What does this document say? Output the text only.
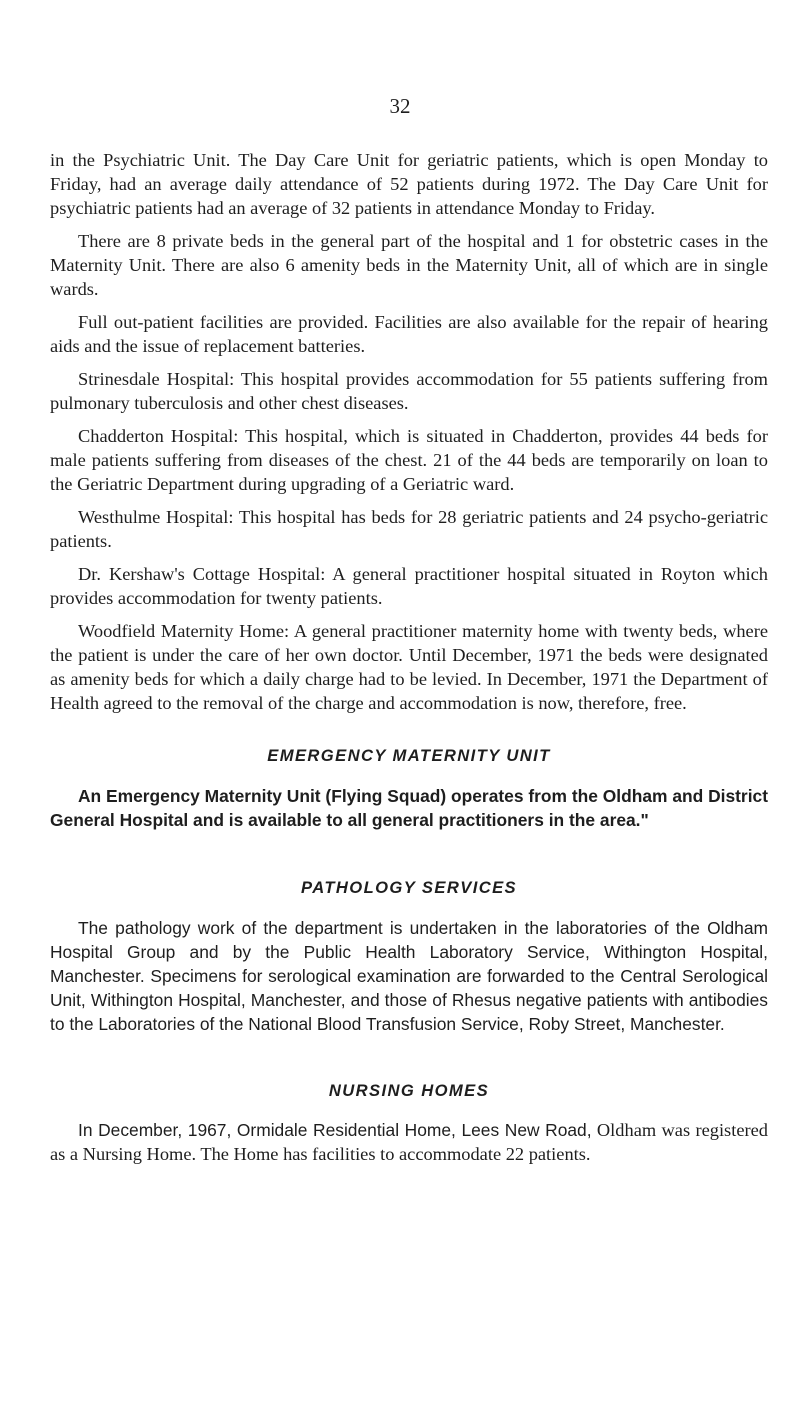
32

in the Psychiatric Unit. The Day Care Unit for geriatric patients, which is open Monday to Friday, had an average daily attendance of 52 patients during 1972. The Day Care Unit for psychiatric patients had an average of 32 patients in attendance Monday to Friday.

There are 8 private beds in the general part of the hospital and 1 for obstetric cases in the Maternity Unit. There are also 6 amenity beds in the Maternity Unit, all of which are in single wards.

Full out-patient facilities are provided. Facilities are also available for the repair of hearing aids and the issue of replacement batteries.

Strinesdale Hospital: This hospital provides accommodation for 55 patients suffering from pulmonary tuberculosis and other chest diseases.

Chadderton Hospital: This hospital, which is situated in Chadderton, provides 44 beds for male patients suffering from diseases of the chest. 21 of the 44 beds are temporarily on loan to the Geriatric Department during upgrading of a Geriatric ward.

Westhulme Hospital: This hospital has beds for 28 geriatric patients and 24 psycho-geriatric patients.

Dr. Kershaw's Cottage Hospital: A general practitioner hospital situated in Royton which provides accommodation for twenty patients.

Woodfield Maternity Home: A general practitioner maternity home with twenty beds, where the patient is under the care of her own doctor. Until December, 1971 the beds were designated as amenity beds for which a daily charge had to be levied. In December, 1971 the Department of Health agreed to the removal of the charge and accommodation is now, therefore, free.

EMERGENCY MATERNITY UNIT

An Emergency Maternity Unit (Flying Squad) operates from the Oldham and District General Hospital and is available to all general practitioners in the area."

PATHOLOGY SERVICES

The pathology work of the department is undertaken in the laboratories of the Oldham Hospital Group and by the Public Health Laboratory Service, Withington Hospital, Manchester. Specimens for serological examination are forwarded to the Central Serological Unit, Withington Hospital, Manchester, and those of Rhesus negative patients with antibodies to the Laboratories of the National Blood Transfusion Service, Roby Street, Manchester.

NURSING HOMES

In December, 1967, Ormidale Residential Home, Lees New Road, Oldham was registered as a Nursing Home. The Home has facilities to accommodate 22 patients.
